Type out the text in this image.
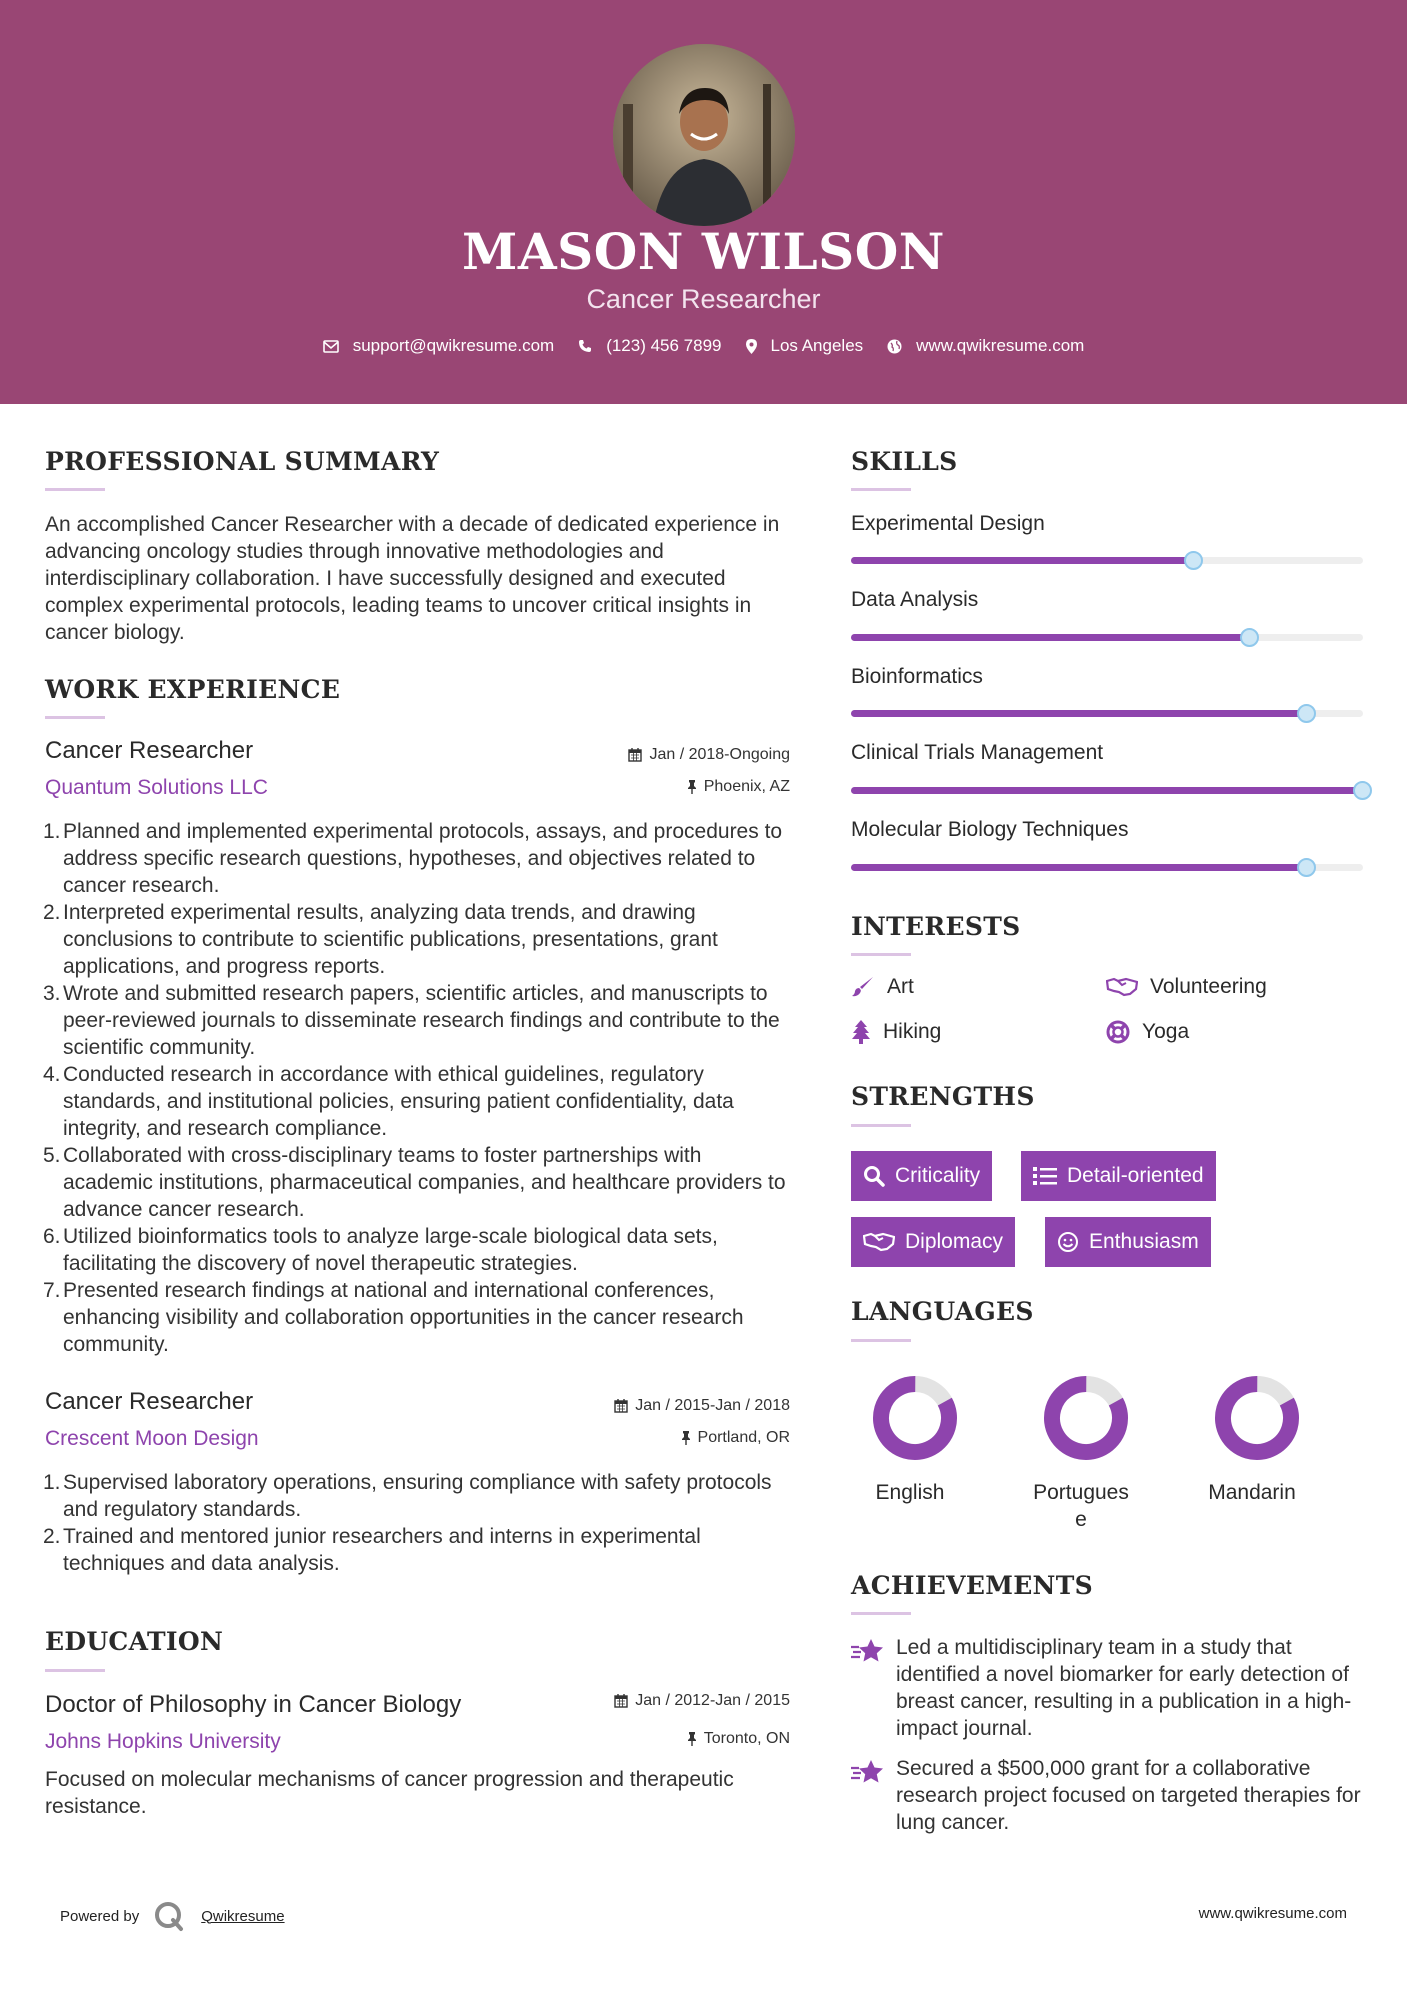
MASON WILSON
Cancer Researcher
support@qwikresume.com	(123) 456 7899	Los Angeles	www.qwikresume.com
PROFESSIONAL SUMMARY
An accomplished Cancer Researcher with a decade of dedicated experience in advancing oncology studies through innovative methodologies and interdisciplinary collaboration. I have successfully designed and executed complex experimental protocols, leading teams to uncover critical insights in cancer biology.
WORK EXPERIENCE
Cancer Researcher
Quantum Solutions LLC
Jan / 2018-Ongoing
Phoenix, AZ
1. Planned and implemented experimental protocols, assays, and procedures to address specific research questions, hypotheses, and objectives related to cancer research.
2. Interpreted experimental results, analyzing data trends, and drawing conclusions to contribute to scientific publications, presentations, grant applications, and progress reports.
3. Wrote and submitted research papers, scientific articles, and manuscripts to peer-reviewed journals to disseminate research findings and contribute to the scientific community.
4. Conducted research in accordance with ethical guidelines, regulatory standards, and institutional policies, ensuring patient confidentiality, data integrity, and research compliance.
5. Collaborated with cross-disciplinary teams to foster partnerships with academic institutions, pharmaceutical companies, and healthcare providers to advance cancer research.
6. Utilized bioinformatics tools to analyze large-scale biological data sets, facilitating the discovery of novel therapeutic strategies.
7. Presented research findings at national and international conferences, enhancing visibility and collaboration opportunities in the cancer research community.
Cancer Researcher
Crescent Moon Design
Jan / 2015-Jan / 2018
Portland, OR
1. Supervised laboratory operations, ensuring compliance with safety protocols and regulatory standards.
2. Trained and mentored junior researchers and interns in experimental techniques and data analysis.
EDUCATION
Doctor of Philosophy in Cancer Biology
Johns Hopkins University
Jan / 2012-Jan / 2015
Toronto, ON
Focused on molecular mechanisms of cancer progression and therapeutic resistance.
SKILLS
Experimental Design
Data Analysis
Bioinformatics
Clinical Trials Management
Molecular Biology Techniques
INTERESTS
Art	Volunteering
Hiking	Yoga
STRENGTHS
Criticality	Detail-oriented
Diplomacy	Enthusiasm
LANGUAGES
English	Portugues
e
Mandarin
ACHIEVEMENTS
Led a multidisciplinary team in a study that identified a novel biomarker for early detection of breast cancer, resulting in a publication in a high-impact journal.
Secured a $500,000 grant for a collaborative research project focused on targeted therapies for lung cancer.
Powered by	Qwikresume	www.qwikresume.com
